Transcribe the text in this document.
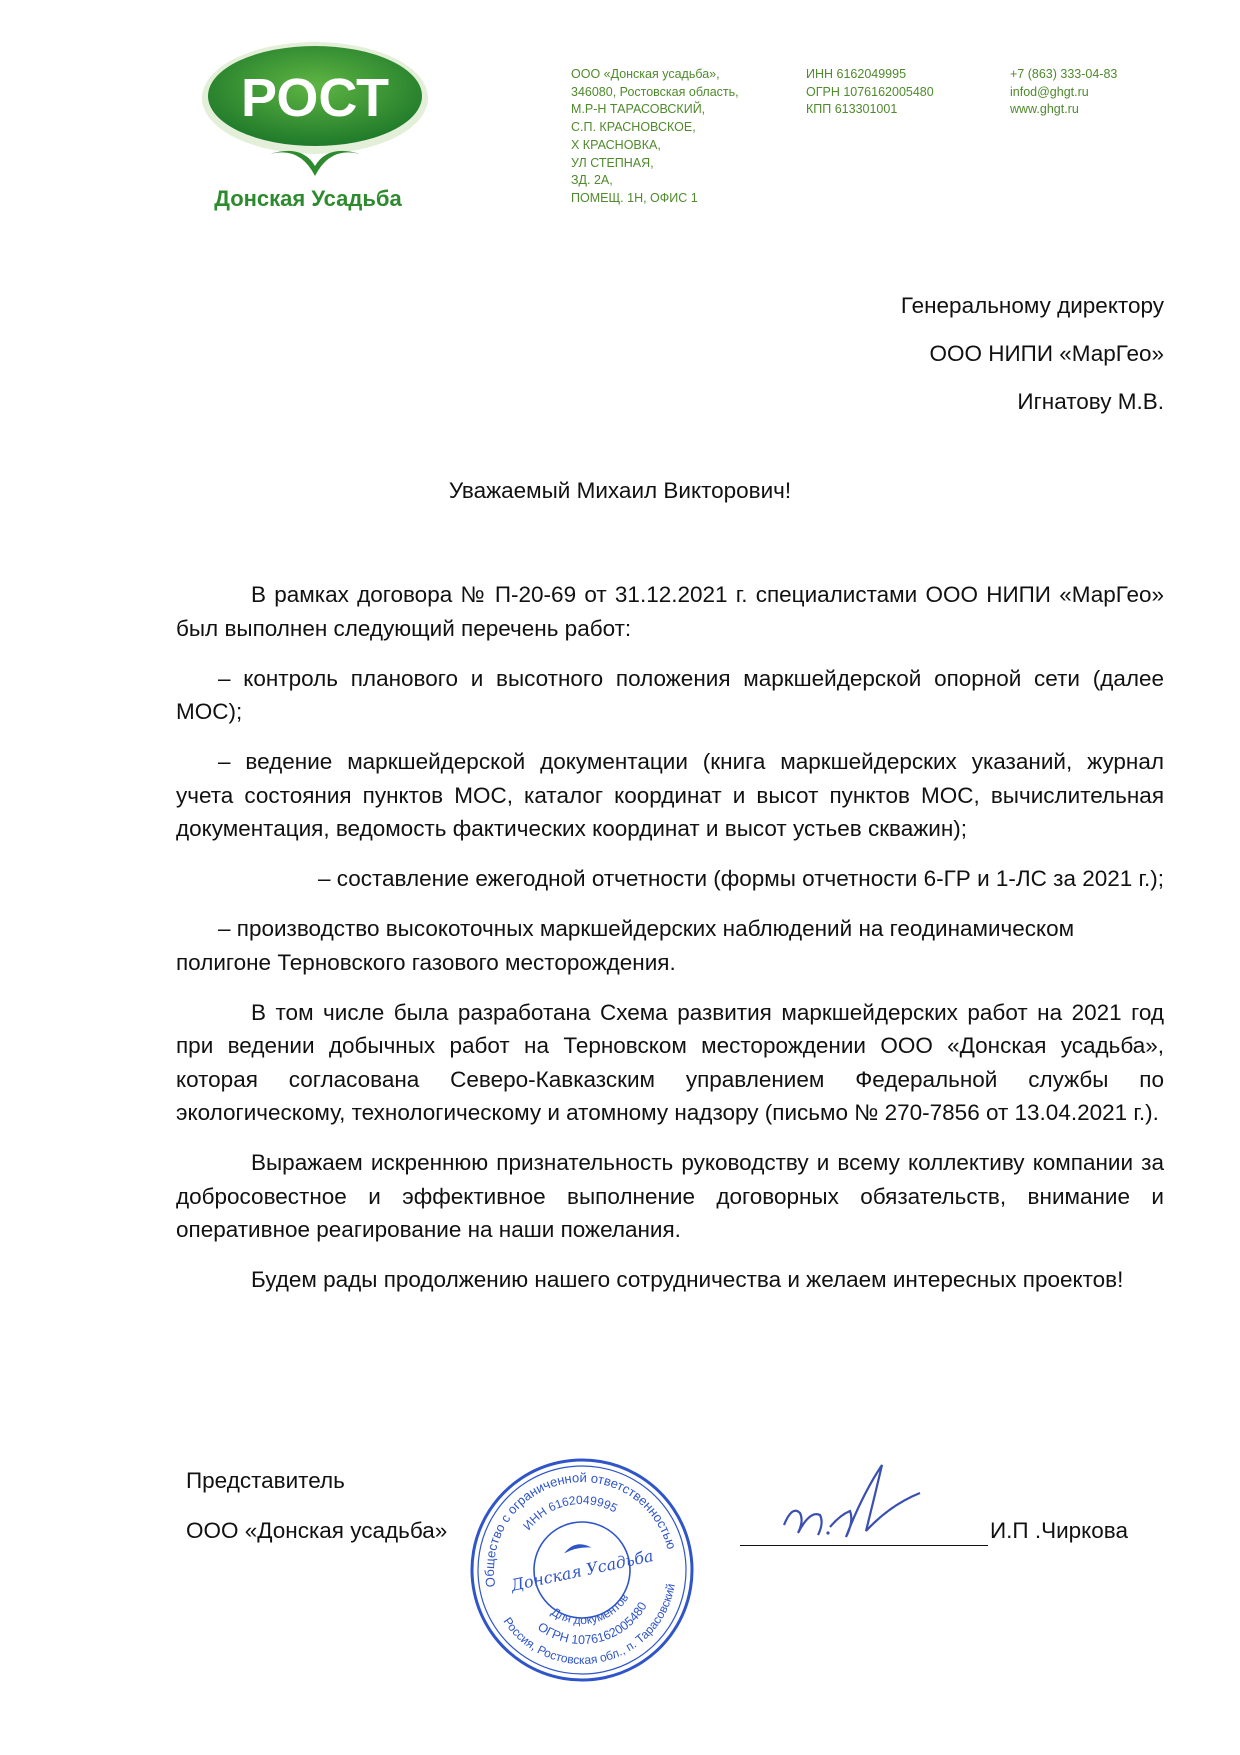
РОСТ
Донская Усадьба
ООО «Донская усадьба»,
346080, Ростовская область,
М.Р-Н ТАРАСОВСКИЙ,
С.П. КРАСНОВСКОЕ,
Х КРАСНОВКА,
УЛ СТЕПНАЯ,
ЗД. 2А,
ПОМЕЩ. 1Н, ОФИС 1
ИНН 6162049995
ОГРН 1076162005480
КПП 613301001
+7 (863) 333-04-83
infod@ghgt.ru
www.ghgt.ru
Генеральному директору
ООО НИПИ «МарГео»
Игнатову М.В.
Уважаемый Михаил Викторович!

В рамках договора № П-20-69 от 31.12.2021 г. специалистами ООО НИПИ «МарГео» был выполнен следующий перечень работ:

– контроль планового и высотного положения маркшейдерской опорной сети (далее МОС);

– ведение маркшейдерской документации (книга маркшейдерских указаний, журнал учета состояния пунктов МОС, каталог координат и высот пунктов МОС, вычислительная документация, ведомость фактических координат и высот устьев скважин);

– составление ежегодной отчетности (формы отчетности 6-ГР и 1-ЛС за 2021 г.);

– производство высокоточных маркшейдерских наблюдений на геодинамическом полигоне Терновского газового месторождения.

В том числе была разработана Схема развития маркшейдерских работ на 2021 год при ведении добычных работ на Терновском месторождении ООО «Донская усадьба», которая согласована Северо-Кавказским управлением Федеральной службы по экологическому, технологическому и атомному надзору (письмо № 270-7856 от 13.04.2021 г.).

Выражаем искреннюю признательность руководству и всему коллективу компании за добросовестное и эффективное выполнение договорных обязательств, внимание и оперативное реагирование на наши пожелания.

Будем рады продолжению нашего сотрудничества и желаем интересных проектов!

Представитель
ООО «Донская усадьба»	И.П .Чиркова
Общество с ограниченной ответственностью
ИНН 6162049995
Донская Усадьба
Россия, Ростовская обл., п. Тарасовский
ОГРН 1076162005480
Для документов
